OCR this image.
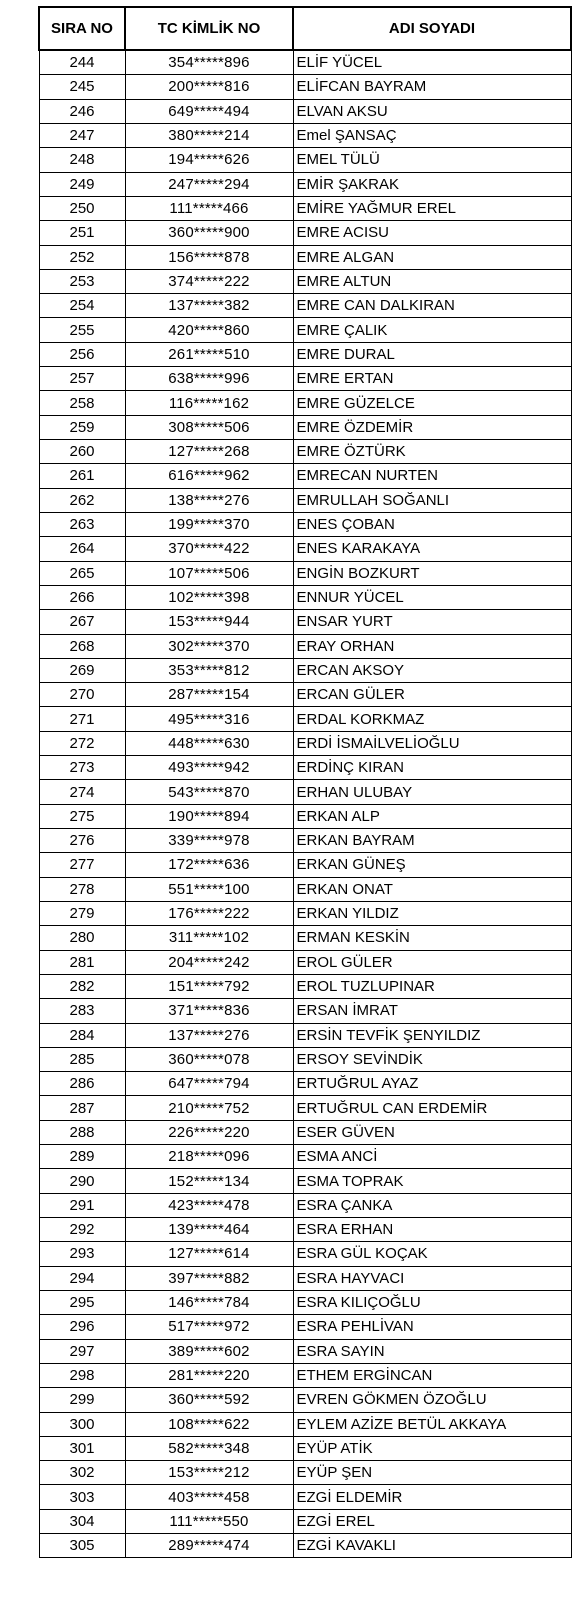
SIRA NO	TC KİMLİK NO	ADI SOYADI
244	354*****896	ELİF YÜCEL
245	200*****816	ELİFCAN BAYRAM
246	649*****494	ELVAN AKSU
247	380*****214	Emel ŞANSAÇ
248	194*****626	EMEL TÜLÜ
249	247*****294	EMİR ŞAKRAK
250	111*****466	EMİRE YAĞMUR EREL
251	360*****900	EMRE ACISU
252	156*****878	EMRE ALGAN
253	374*****222	EMRE ALTUN
254	137*****382	EMRE CAN DALKIRAN
255	420*****860	EMRE ÇALIK
256	261*****510	EMRE DURAL
257	638*****996	EMRE ERTAN
258	116*****162	EMRE GÜZELCE
259	308*****506	EMRE ÖZDEMİR
260	127*****268	EMRE ÖZTÜRK
261	616*****962	EMRECAN NURTEN
262	138*****276	EMRULLAH SOĞANLI
263	199*****370	ENES ÇOBAN
264	370*****422	ENES KARAKAYA
265	107*****506	ENGİN BOZKURT
266	102*****398	ENNUR YÜCEL
267	153*****944	ENSAR YURT
268	302*****370	ERAY ORHAN
269	353*****812	ERCAN AKSOY
270	287*****154	ERCAN GÜLER
271	495*****316	ERDAL KORKMAZ
272	448*****630	ERDİ İSMAİLVELİOĞLU
273	493*****942	ERDİNÇ KIRAN
274	543*****870	ERHAN ULUBAY
275	190*****894	ERKAN ALP
276	339*****978	ERKAN BAYRAM
277	172*****636	ERKAN GÜNEŞ
278	551*****100	ERKAN ONAT
279	176*****222	ERKAN YILDIZ
280	311*****102	ERMAN KESKİN
281	204*****242	EROL GÜLER
282	151*****792	EROL TUZLUPINAR
283	371*****836	ERSAN İMRAT
284	137*****276	ERSİN TEVFİK ŞENYILDIZ
285	360*****078	ERSOY SEVİNDİK
286	647*****794	ERTUĞRUL AYAZ
287	210*****752	ERTUĞRUL CAN ERDEMİR
288	226*****220	ESER GÜVEN
289	218*****096	ESMA ANCİ
290	152*****134	ESMA TOPRAK
291	423*****478	ESRA ÇANKA
292	139*****464	ESRA ERHAN
293	127*****614	ESRA GÜL KOÇAK
294	397*****882	ESRA HAYVACI
295	146*****784	ESRA KILIÇOĞLU
296	517*****972	ESRA PEHLİVAN
297	389*****602	ESRA SAYIN
298	281*****220	ETHEM ERGİNCAN
299	360*****592	EVREN GÖKMEN ÖZOĞLU
300	108*****622	EYLEM AZİZE BETÜL AKKAYA
301	582*****348	EYÜP ATİK
302	153*****212	EYÜP ŞEN
303	403*****458	EZGİ ELDEMİR
304	111*****550	EZGİ EREL
305	289*****474	EZGİ KAVAKLI
